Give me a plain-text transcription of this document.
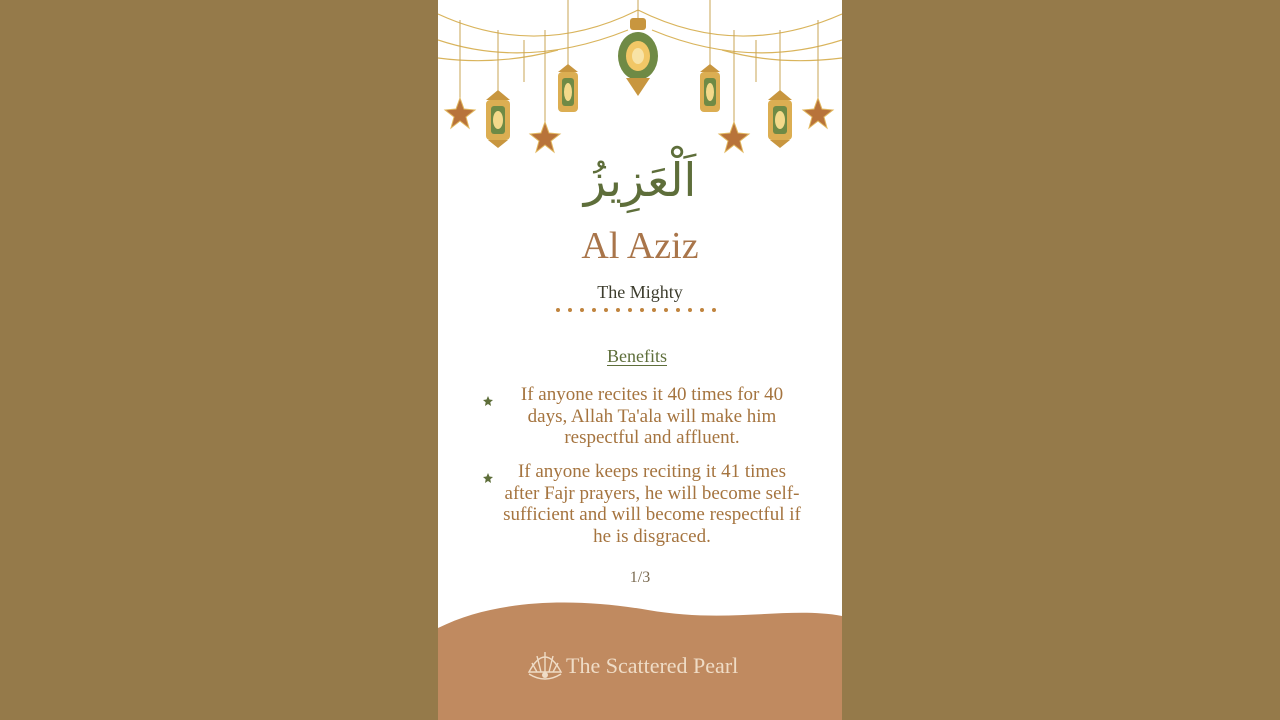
اَلْعَزِيزُ
Al Aziz
The Mighty
Benefits
If anyone recites it 40 times for 40 days, Allah Ta'ala will make him respectful and affluent.
If anyone keeps reciting it 41 times after Fajr prayers, he will become self-sufficient and will become respectful if he is disgraced.
1/3
The Scattered Pearl
